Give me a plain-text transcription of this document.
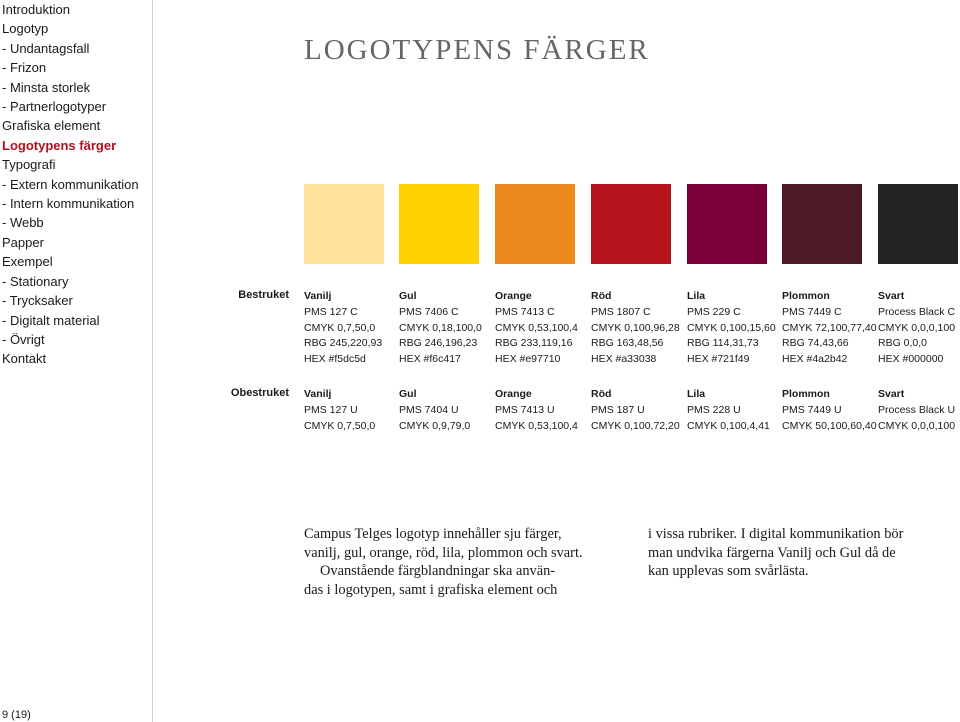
Introduktion
Logotyp
- Undantagsfall
- Frizon
- Minsta storlek
- Partnerlogotyper
Grafiska element
Logotypens färger
Typografi
- Extern kommunikation
- Intern kommunikation
- Webb
Papper
Exempel
- Stationary
- Trycksaker
- Digitalt material
- Övrigt
Kontakt
9 (19)
LOGOTYPENS FÄRGER
Bestruket
Obestruket
Vanilj
PMS 127 C
CMYK 0,7,50,0
RBG 245,220,93
HEX #f5dc5d
Gul
PMS 7406 C
CMYK 0,18,100,0
RBG 246,196,23
HEX #f6c417
Orange
PMS 7413 C
CMYK 0,53,100,4
RBG 233,119,16
HEX #e97710
Röd
PMS 1807 C
CMYK 0,100,96,28
RBG 163,48,56
HEX #a33038
Lila
PMS 229 C
CMYK 0,100,15,60
RBG 114,31,73
HEX #721f49
Plommon
PMS 7449 C
CMYK 72,100,77,40
RBG 74,43,66
HEX #4a2b42
Svart
Process Black C
CMYK 0,0,0,100
RBG 0,0,0
HEX #000000
Vanilj
PMS 127 U
CMYK 0,7,50,0
Gul
PMS 7404 U
CMYK 0,9,79,0
Orange
PMS 7413 U
CMYK 0,53,100,4
Röd
PMS 187 U
CMYK 0,100,72,20
Lila
PMS 228 U
CMYK 0,100,4,41
Plommon
PMS 7449 U
CMYK 50,100,60,40
Svart
Process Black U
CMYK 0,0,0,100
Campus Telges logotyp innehåller sju färger,
vanilj, gul, orange, röd, lila, plommon och svart.
Ovanstående färgblandningar ska använ-
das i logotypen, samt i grafiska element och
i vissa rubriker. I digital kommunikation bör
man undvika färgerna Vanilj och Gul då de
kan upplevas som svårlästa.
